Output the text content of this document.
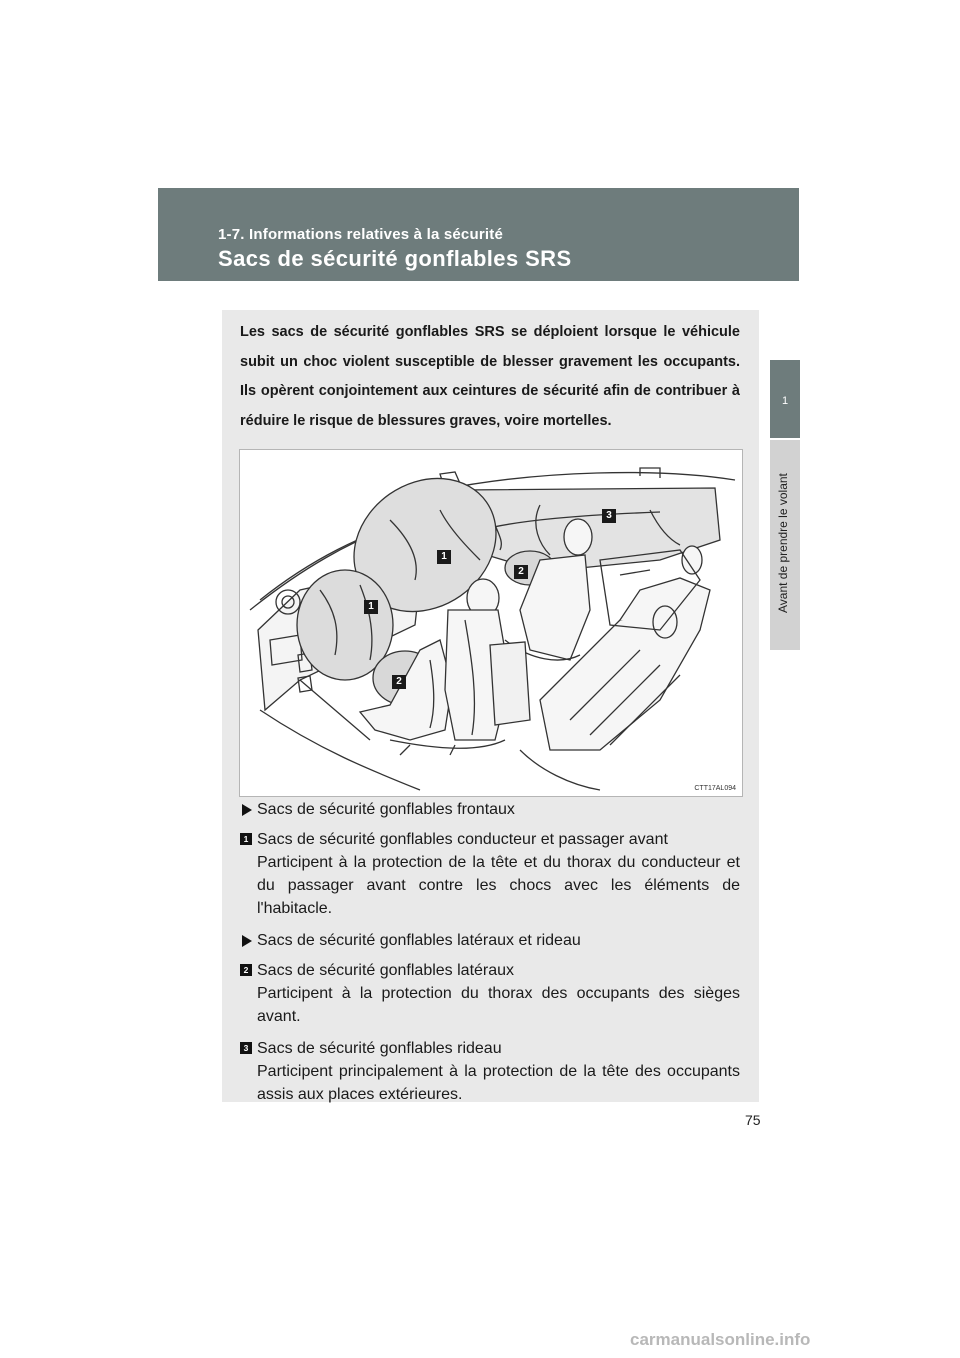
1-7. Informations relatives à la sécurité
Sacs de sécurité gonflables SRS
1
Avant de prendre le volant
Les sacs de sécurité gonflables SRS se déploient lorsque le véhicule subit un choc violent susceptible de blesser gravement les occupants. Ils opèrent conjointement aux ceintures de sécurité afin de contribuer à réduire le risque de blessures graves, voire mortelles.
1
1
2
2
3
CTT17AL094
Sacs de sécurité gonflables frontaux
1 Sacs de sécurité gonflables conducteur et passager avant
Participent à la protection de la tête et du thorax du conducteur et du passager avant contre les chocs avec les éléments de l'habitacle.
Sacs de sécurité gonflables latéraux et rideau
2 Sacs de sécurité gonflables latéraux
Participent à la protection du thorax des occupants des sièges avant.
3 Sacs de sécurité gonflables rideau
Participent principalement à la protection de la tête des occupants assis aux places extérieures.
75
carmanualsonline.info
